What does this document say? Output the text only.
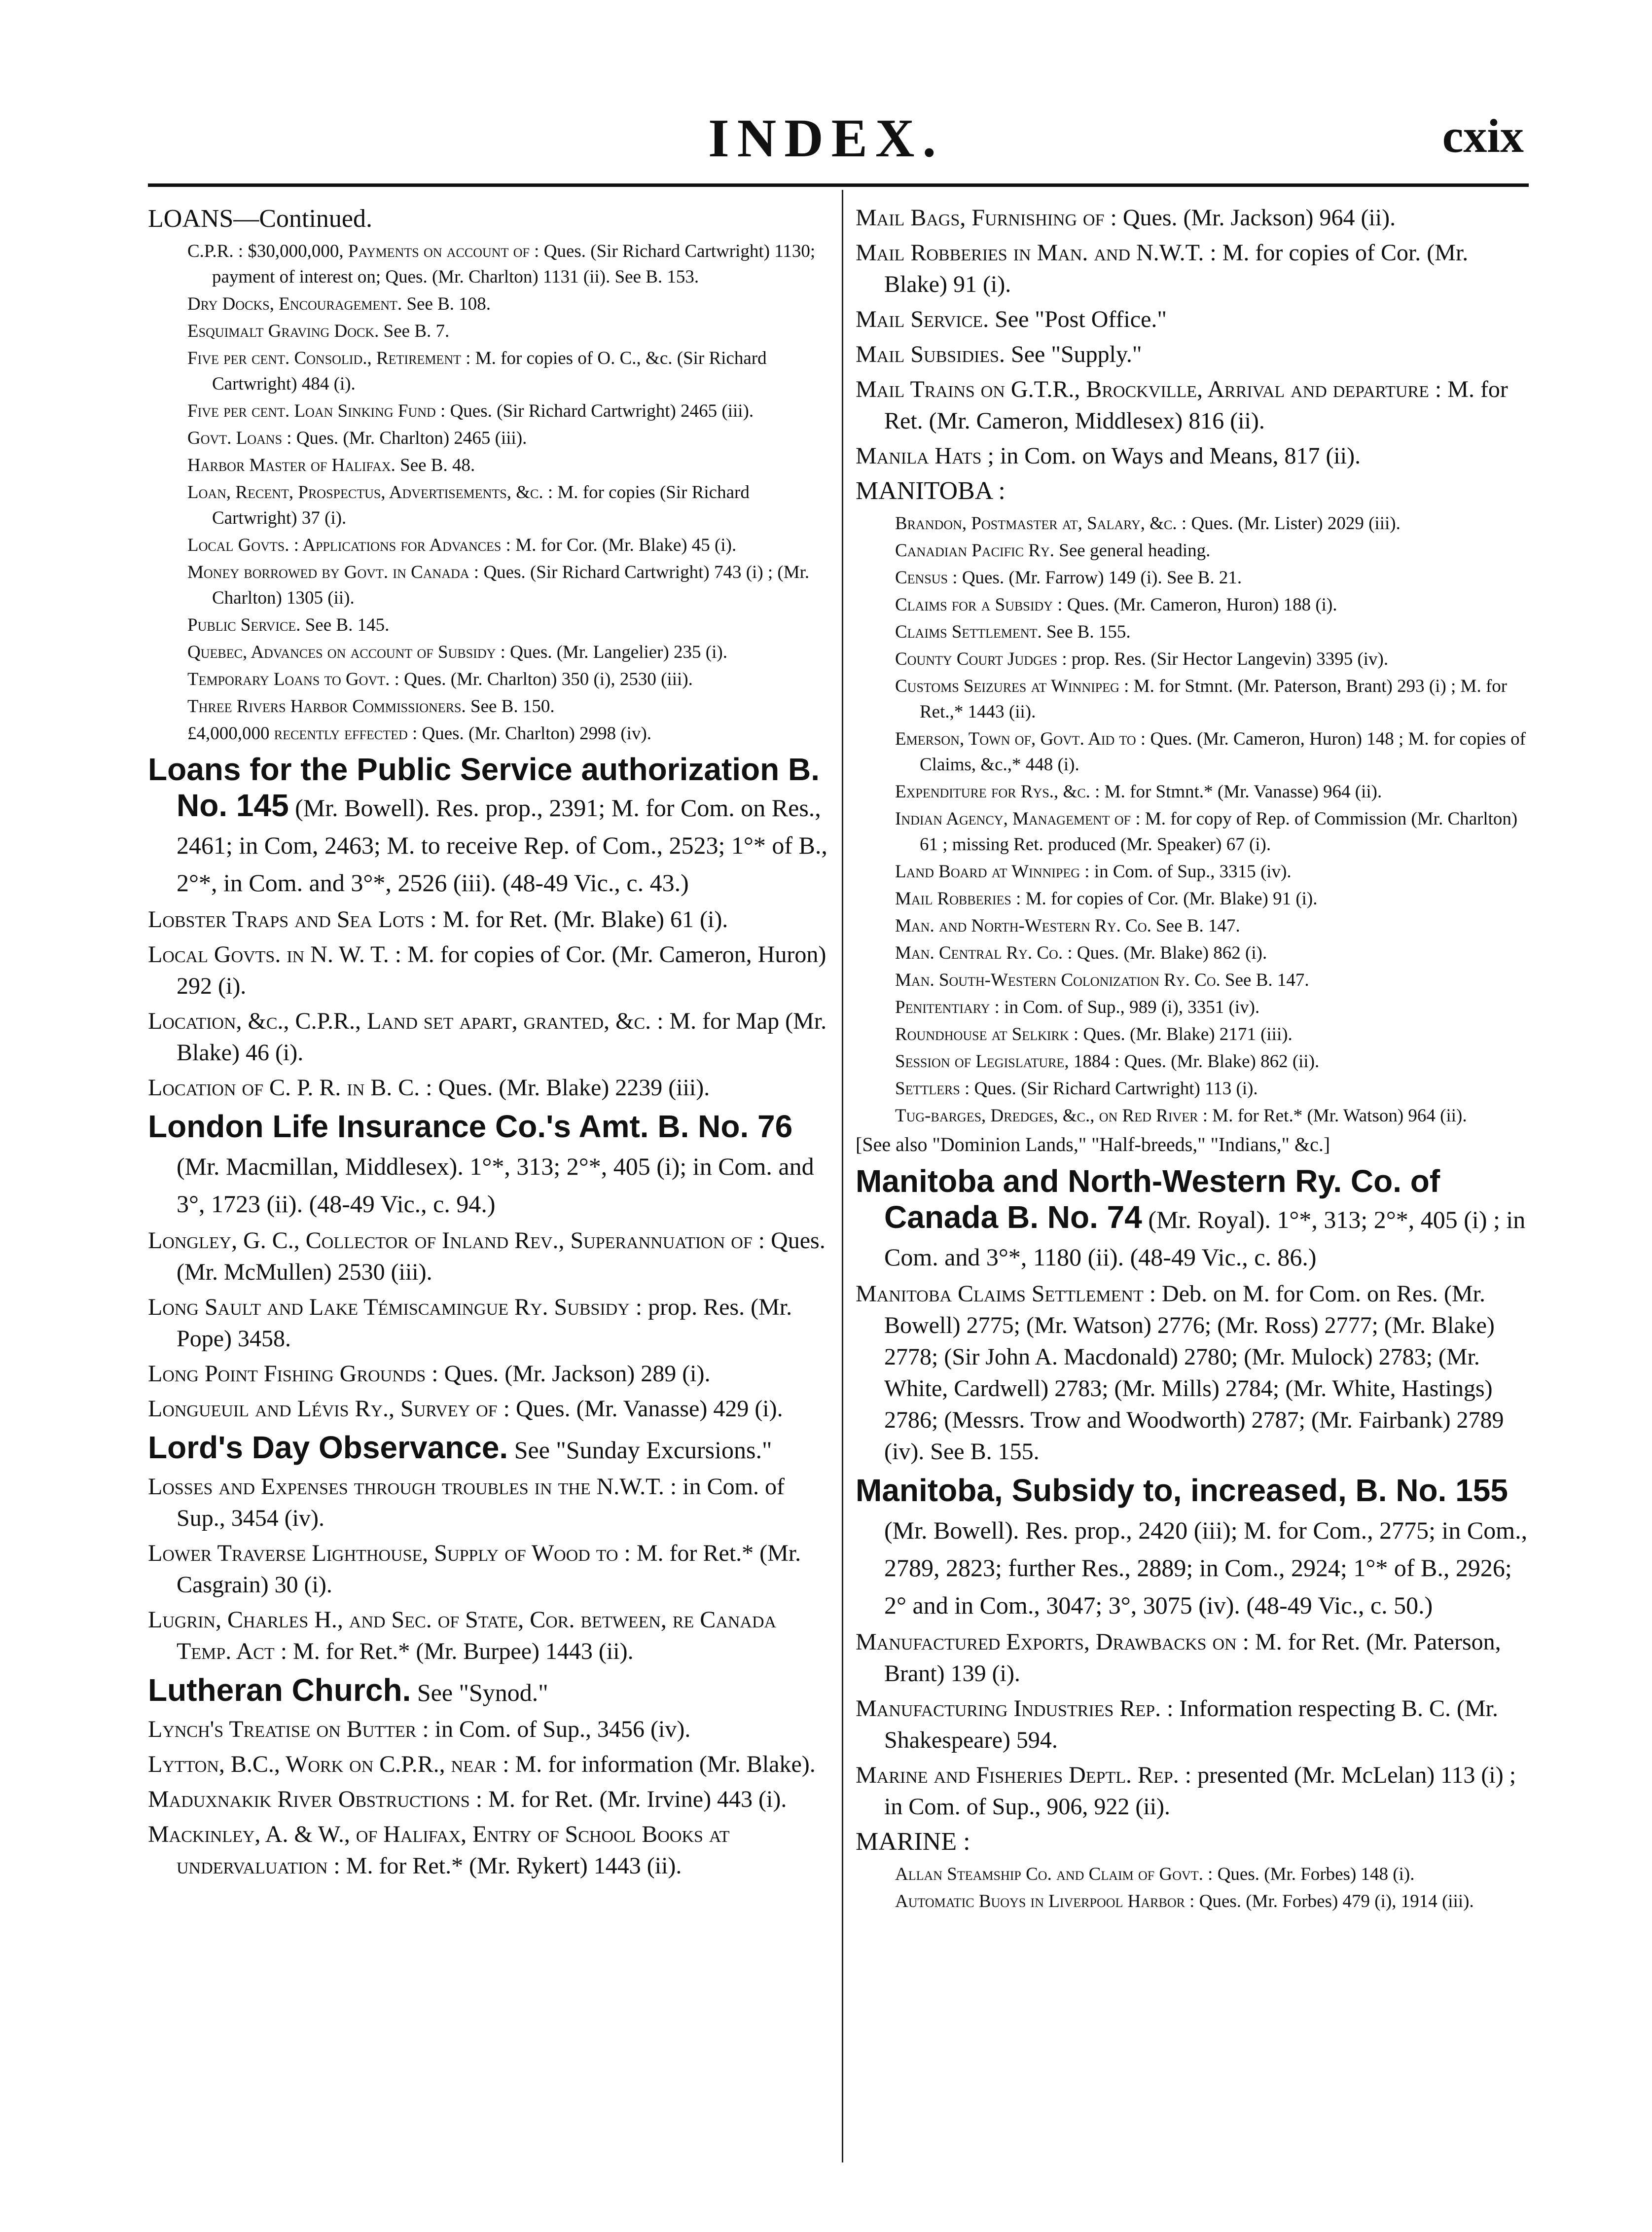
INDEX.	cxix
LOANS—Continued.
C.P.R. : $30,000,000, Payments on account of : Ques. (Sir Richard Cartwright) 1130; payment of interest on; Ques. (Mr. Charlton) 1131 (ii). See B. 153.
Dry Docks, Encouragement. See B. 108.
Esquimalt Graving Dock. See B. 7.
Five per cent. Consolid., Retirement : M. for copies of O. C., &c. (Sir Richard Cartwright) 484 (i).
Five per cent. Loan Sinking Fund : Ques. (Sir Richard Cartwright) 2465 (iii).
Govt. Loans : Ques. (Mr. Charlton) 2465 (iii).
Harbor Master of Halifax. See B. 48.
Loan, Recent, Prospectus, Advertisements, &c. : M. for copies (Sir Richard Cartwright) 37 (i).
Local Govts. : Applications for Advances : M. for Cor. (Mr. Blake) 45 (i).
Money borrowed by Govt. in Canada : Ques. (Sir Richard Cartwright) 743 (i) ; (Mr. Charlton) 1305 (ii).
Public Service. See B. 145.
Quebec, Advances on account of Subsidy : Ques. (Mr. Langelier) 235 (i).
Temporary Loans to Govt. : Ques. (Mr. Charlton) 350 (i), 2530 (iii).
Three Rivers Harbor Commissioners. See B. 150.
£4,000,000 recently effected : Ques. (Mr. Charlton) 2998 (iv).
Loans for the Public Service authorization B. No. 145 (Mr. Bowell). Res. prop., 2391; M. for Com. on Res., 2461; in Com, 2463; M. to receive Rep. of Com., 2523; 1°* of B., 2°*, in Com. and 3°*, 2526 (iii). (48-49 Vic., c. 43.)
Lobster Traps and Sea Lots : M. for Ret. (Mr. Blake) 61 (i).
Local Govts. in N. W. T. : M. for copies of Cor. (Mr. Cameron, Huron) 292 (i).
Location, &c., C.P.R., Land set apart, granted, &c. : M. for Map (Mr. Blake) 46 (i).
Location of C. P. R. in B. C. : Ques. (Mr. Blake) 2239 (iii).
London Life Insurance Co.'s Amt. B. No. 76 (Mr. Macmillan, Middlesex). 1°*, 313; 2°*, 405 (i); in Com. and 3°, 1723 (ii). (48-49 Vic., c. 94.)
Longley, G. C., Collector of Inland Rev., Superannuation of : Ques. (Mr. McMullen) 2530 (iii).
Long Sault and Lake Témiscamingue Ry. Subsidy : prop. Res. (Mr. Pope) 3458.
Long Point Fishing Grounds : Ques. (Mr. Jackson) 289 (i).
Longueuil and Lévis Ry., Survey of : Ques. (Mr. Vanasse) 429 (i).
Lord's Day Observance. See "Sunday Excursions."
Losses and Expenses through troubles in the N.W.T. : in Com. of Sup., 3454 (iv).
Lower Traverse Lighthouse, Supply of Wood to : M. for Ret.* (Mr. Casgrain) 30 (i).
Lugrin, Charles H., and Sec. of State, Cor. between, re Canada Temp. Act : M. for Ret.* (Mr. Burpee) 1443 (ii).
Lutheran Church. See "Synod."
Lynch's Treatise on Butter : in Com. of Sup., 3456 (iv).
Lytton, B.C., Work on C.P.R., near : M. for information (Mr. Blake).
Maduxnakik River Obstructions : M. for Ret. (Mr. Irvine) 443 (i).
Mackinley, A. & W., of Halifax, Entry of School Books at undervaluation : M. for Ret.* (Mr. Rykert) 1443 (ii).
Mail Bags, Furnishing of : Ques. (Mr. Jackson) 964 (ii).
Mail Robberies in Man. and N.W.T. : M. for copies of Cor. (Mr. Blake) 91 (i).
Mail Service. See "Post Office."
Mail Subsidies. See "Supply."
Mail Trains on G.T.R., Brockville, Arrival and departure : M. for Ret. (Mr. Cameron, Middlesex) 816 (ii).
Manila Hats ; in Com. on Ways and Means, 817 (ii).
MANITOBA :
Brandon, Postmaster at, Salary, &c. : Ques. (Mr. Lister) 2029 (iii).
Canadian Pacific Ry. See general heading.
Census : Ques. (Mr. Farrow) 149 (i). See B. 21.
Claims for a Subsidy : Ques. (Mr. Cameron, Huron) 188 (i).
Claims Settlement. See B. 155.
County Court Judges : prop. Res. (Sir Hector Langevin) 3395 (iv).
Customs Seizures at Winnipeg : M. for Stmnt. (Mr. Paterson, Brant) 293 (i) ; M. for Ret.,* 1443 (ii).
Emerson, Town of, Govt. Aid to : Ques. (Mr. Cameron, Huron) 148 ; M. for copies of Claims, &c.,* 448 (i).
Expenditure for Rys., &c. : M. for Stmnt.* (Mr. Vanasse) 964 (ii).
Indian Agency, Management of : M. for copy of Rep. of Commission (Mr. Charlton) 61 ; missing Ret. produced (Mr. Speaker) 67 (i).
Land Board at Winnipeg : in Com. of Sup., 3315 (iv).
Mail Robberies : M. for copies of Cor. (Mr. Blake) 91 (i).
Man. and North-Western Ry. Co. See B. 147.
Man. Central Ry. Co. : Ques. (Mr. Blake) 862 (i).
Man. South-Western Colonization Ry. Co. See B. 147.
Penitentiary : in Com. of Sup., 989 (i), 3351 (iv).
Roundhouse at Selkirk : Ques. (Mr. Blake) 2171 (iii).
Session of Legislature, 1884 : Ques. (Mr. Blake) 862 (ii).
Settlers : Ques. (Sir Richard Cartwright) 113 (i).
Tug-barges, Dredges, &c., on Red River : M. for Ret.* (Mr. Watson) 964 (ii).
[See also "Dominion Lands," "Half-breeds," "Indians," &c.]
Manitoba and North-Western Ry. Co. of Canada B. No. 74 (Mr. Royal). 1°*, 313; 2°*, 405 (i) ; in Com. and 3°*, 1180 (ii). (48-49 Vic., c. 86.)
Manitoba Claims Settlement : Deb. on M. for Com. on Res. (Mr. Bowell) 2775; (Mr. Watson) 2776; (Mr. Ross) 2777; (Mr. Blake) 2778; (Sir John A. Macdonald) 2780; (Mr. Mulock) 2783; (Mr. White, Cardwell) 2783; (Mr. Mills) 2784; (Mr. White, Hastings) 2786; (Messrs. Trow and Woodworth) 2787; (Mr. Fairbank) 2789 (iv). See B. 155.
Manitoba, Subsidy to, increased, B. No. 155 (Mr. Bowell). Res. prop., 2420 (iii); M. for Com., 2775; in Com., 2789, 2823; further Res., 2889; in Com., 2924; 1°* of B., 2926; 2° and in Com., 3047; 3°, 3075 (iv). (48-49 Vic., c. 50.)
Manufactured Exports, Drawbacks on : M. for Ret. (Mr. Paterson, Brant) 139 (i).
Manufacturing Industries Rep. : Information respecting B. C. (Mr. Shakespeare) 594.
Marine and Fisheries Deptl. Rep. : presented (Mr. McLelan) 113 (i) ; in Com. of Sup., 906, 922 (ii).
MARINE :
Allan Steamship Co. and Claim of Govt. : Ques. (Mr. Forbes) 148 (i).
Automatic Buoys in Liverpool Harbor : Ques. (Mr. Forbes) 479 (i), 1914 (iii).
